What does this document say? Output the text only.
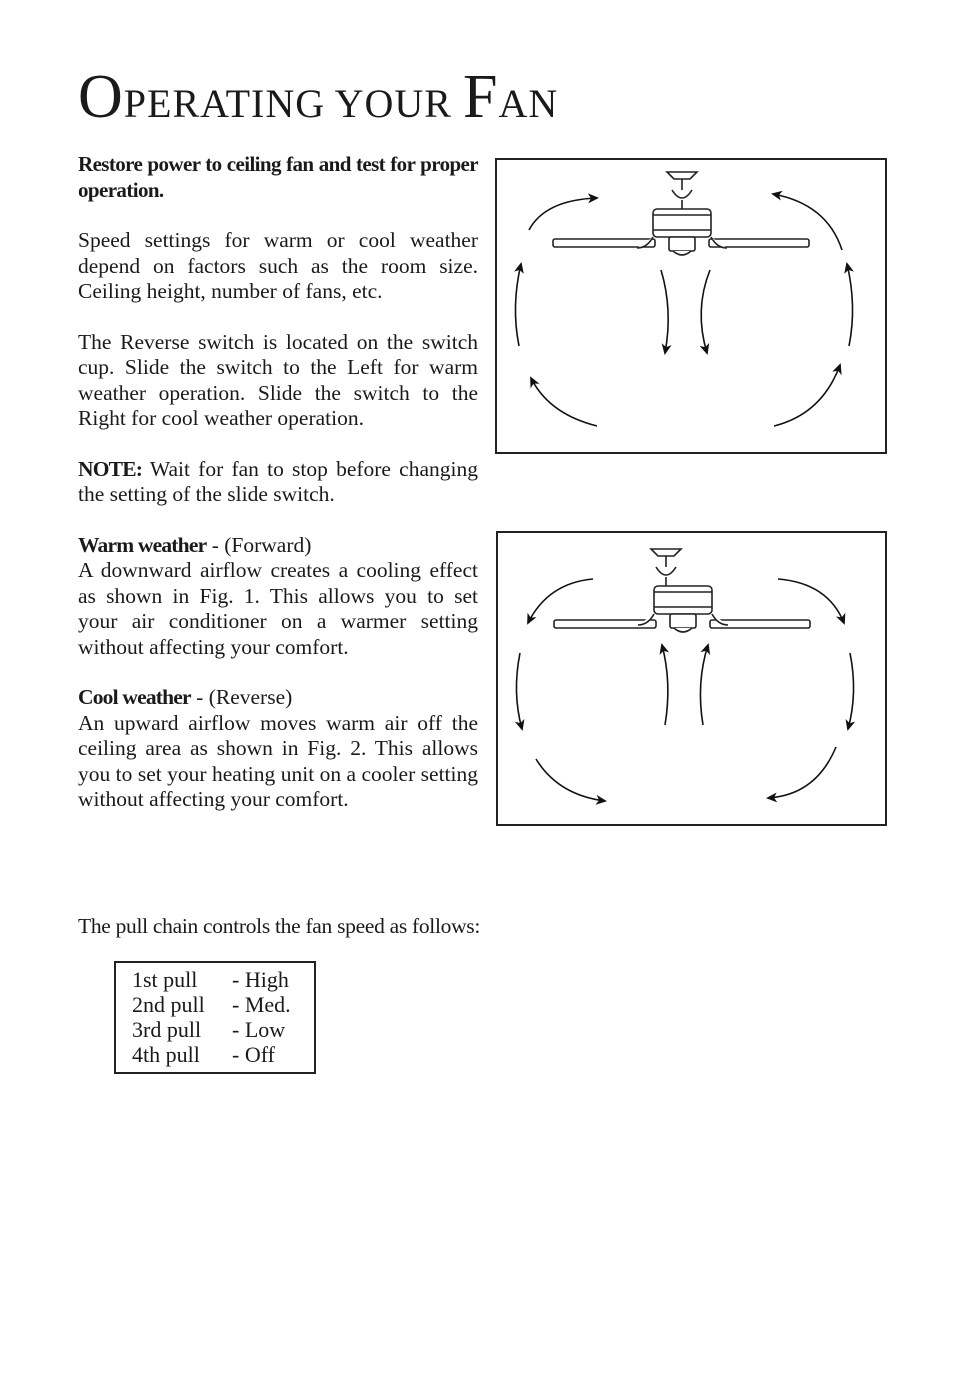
OPERATING YOUR FAN

Restore power to ceiling fan and test for proper operation.

Speed settings for warm or cool weather depend on factors such as the room size. Ceiling height, number of fans, etc.

The Reverse switch is located on the switch cup. Slide the switch to the Left for warm weather operation. Slide the switch to the Right for cool weather operation.

NOTE: Wait for fan to stop before changing the setting of the slide switch.

Warm weather - (Forward)
A downward airflow creates a cooling effect as shown in Fig. 1. This allows you to set your air conditioner on a warmer setting without affecting your comfort.

Cool weather - (Reverse)
An upward airflow moves warm air off the ceiling area as shown in Fig. 2. This allows you to set your heating unit on a cooler setting without affecting your comfort.

The pull chain controls the fan speed as follows:

1st pull - High
2nd pull - Med.
3rd pull - Low
4th pull - Off
